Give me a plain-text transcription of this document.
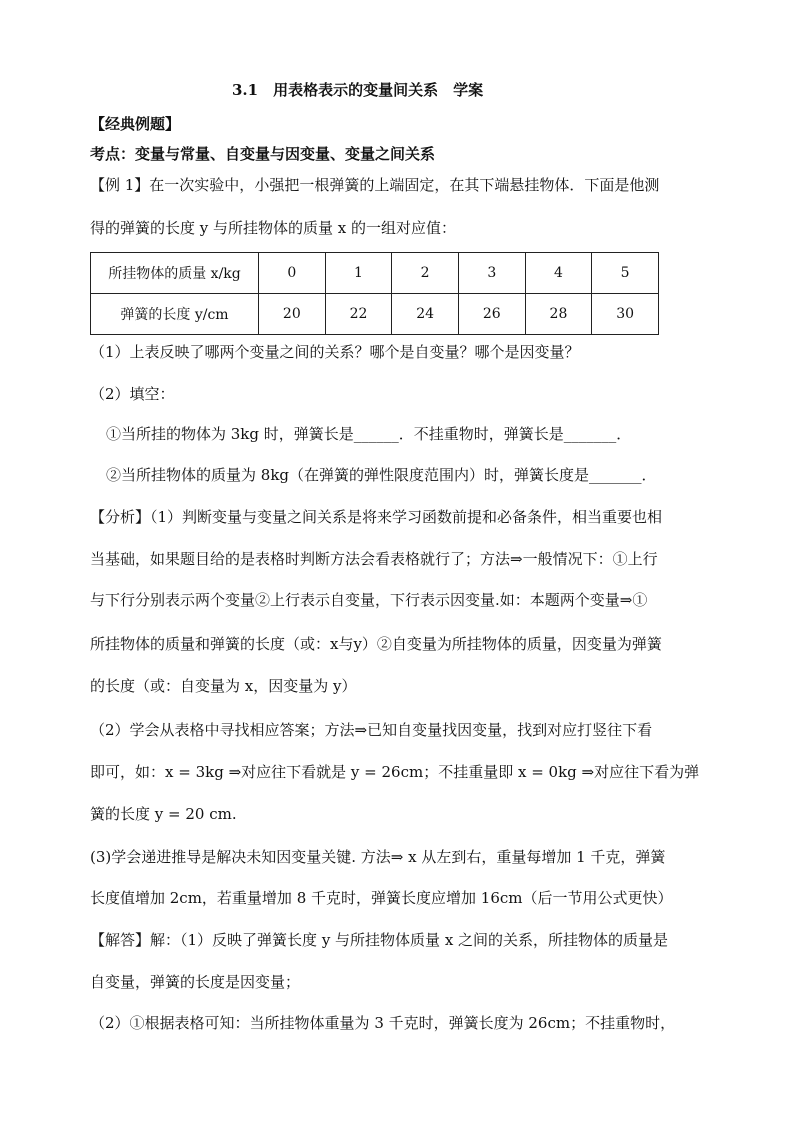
3.1　用表格表示的变量间关系　学案
【经典例题】
考点：变量与常量、自变量与因变量、变量之间关系
【例 1】在一次实验中，小强把一根弹簧的上端固定，在其下端悬挂物体．下面是他测
得的弹簧的长度 y 与所挂物体的质量 x 的一组对应值：
所挂物体的质量 x/kg	0	1	2	3	4	5
弹簧的长度 y/cm	20	22	24	26	28	30
（1）上表反映了哪两个变量之间的关系？哪个是自变量？哪个是因变量？
（2）填空：
①当所挂的物体为 3kg 时，弹簧长是______．不挂重物时，弹簧长是_______．
②当所挂物体的质量为 8kg（在弹簧的弹性限度范围内）时，弹簧长度是_______．
【分析】（1）判断变量与变量之间关系是将来学习函数前提和必备条件，相当重要也相
当基础，如果题目给的是表格时判断方法会看表格就行了；方法⇒一般情况下：①上行
与下行分别表示两个变量②上行表示自变量，下行表示因变量.如：本题两个变量⇒①
所挂物体的质量和弹簧的长度（或：x与y）②自变量为所挂物体的质量，因变量为弹簧
的长度（或：自变量为 x，因变量为 y）
（2）学会从表格中寻找相应答案；方法⇒已知自变量找因变量，找到对应打竖往下看
即可，如：x = 3kg ⇒对应往下看就是 y = 26cm；不挂重量即 x = 0kg ⇒对应往下看为弹
簧的长度 y = 20 cm.
(3)学会递进推导是解决未知因变量关键. 方法⇒ x 从左到右，重量每增加 1 千克，弹簧
长度值增加 2cm，若重量增加 8 千克时，弹簧长度应增加 16cm（后一节用公式更快）
【解答】解：（1）反映了弹簧长度 y 与所挂物体质量 x 之间的关系，所挂物体的质量是
自变量，弹簧的长度是因变量；
（2）①根据表格可知：当所挂物体重量为 3 千克时，弹簧长度为 26cm；不挂重物时，
